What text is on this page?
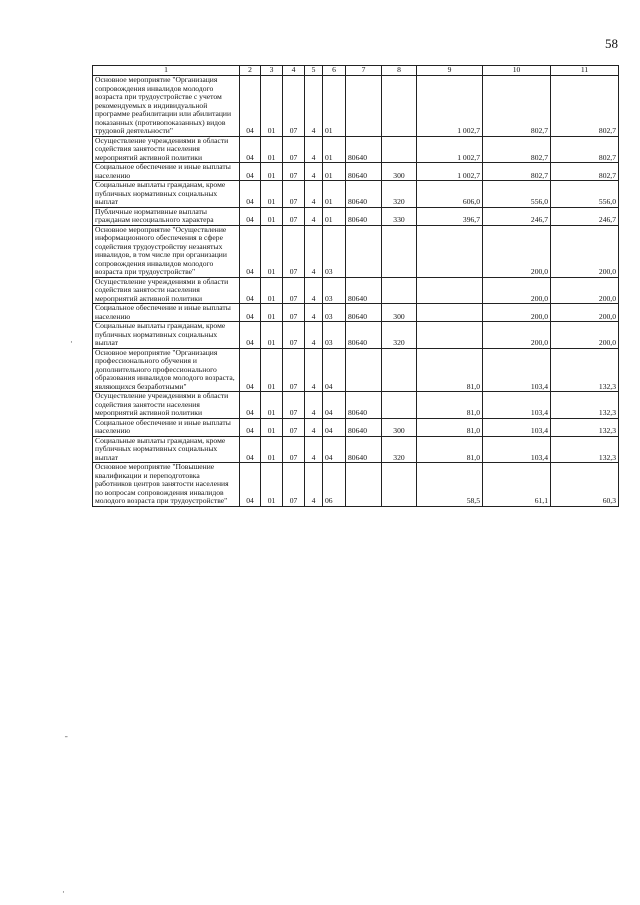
58
·
ˉ
·
1	2	3	4	5	6	7	8	9	10	11
Основное мероприятие "Организация сопровождения инвалидов молодого возраста при трудоустройстве с учетом рекомендуемых в индивидуальной программе реабилитации или абилитации показанных (противопоказанных) видов трудовой деятельности"	04	01	07	4	01			1 002,7	802,7	802,7
Осуществление учреждениями в области содействия занятости населения мероприятий активной политики	04	01	07	4	01	80640		1 002,7	802,7	802,7
Социальное обеспечение и иные выплаты населению	04	01	07	4	01	80640	300	1 002,7	802,7	802,7
Социальные выплаты гражданам, кроме публичных нормативных социальных выплат	04	01	07	4	01	80640	320	606,0	556,0	556,0
Публичные нормативные выплаты гражданам несоциального характера	04	01	07	4	01	80640	330	396,7	246,7	246,7
Основное мероприятие "Осуществление информационного обеспечения в сфере содействия трудоустройству незанятых инвалидов, в том числе при организации сопровождения инвалидов молодого возраста при трудоустройстве"	04	01	07	4	03				200,0	200,0
Осуществление учреждениями в области содействия занятости населения мероприятий активной политики	04	01	07	4	03	80640			200,0	200,0
Социальное обеспечение и иные выплаты населению	04	01	07	4	03	80640	300		200,0	200,0
Социальные выплаты гражданам, кроме публичных нормативных социальных выплат	04	01	07	4	03	80640	320		200,0	200,0
Основное мероприятие "Организация профессионального обучения и дополнительного профессионального образования инвалидов молодого возраста, являющихся безработными"	04	01	07	4	04			81,0	103,4	132,3
Осуществление учреждениями в области содействия занятости населения мероприятий активной политики	04	01	07	4	04	80640		81,0	103,4	132,3
Социальное обеспечение и иные выплаты населению	04	01	07	4	04	80640	300	81,0	103,4	132,3
Социальные выплаты гражданам, кроме публичных нормативных социальных выплат	04	01	07	4	04	80640	320	81,0	103,4	132,3
Основное мероприятие "Повышение квалификации и переподготовка работников центров занятости населения по вопросам сопровождения инвалидов молодого возраста при трудоустройстве"	04	01	07	4	06			58,5	61,1	60,3
